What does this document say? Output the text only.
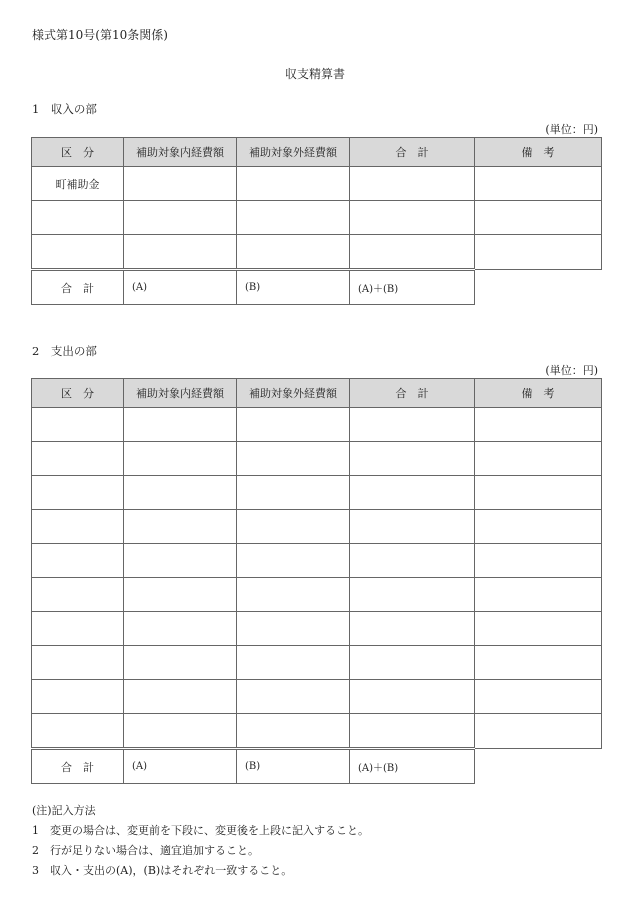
様式第10号(第10条関係)
収支精算書
1　収入の部
(単位：円)
区　分	補助対象内経費額	補助対象外経費額	合　計	備　考
町補助金				

合　計	(A)	(B)	(A)＋(B)	
2　支出の部
(単位：円)
区　分	補助対象内経費額	補助対象外経費額	合　計	備　考

合　計	(A)	(B)	(A)＋(B)	
(注)記入方法
1　変更の場合は、変更前を下段に、変更後を上段に記入すること。
2　行が足りない場合は、適宜追加すること。
3　収入・支出の(A)，(B)はそれぞれ一致すること。
